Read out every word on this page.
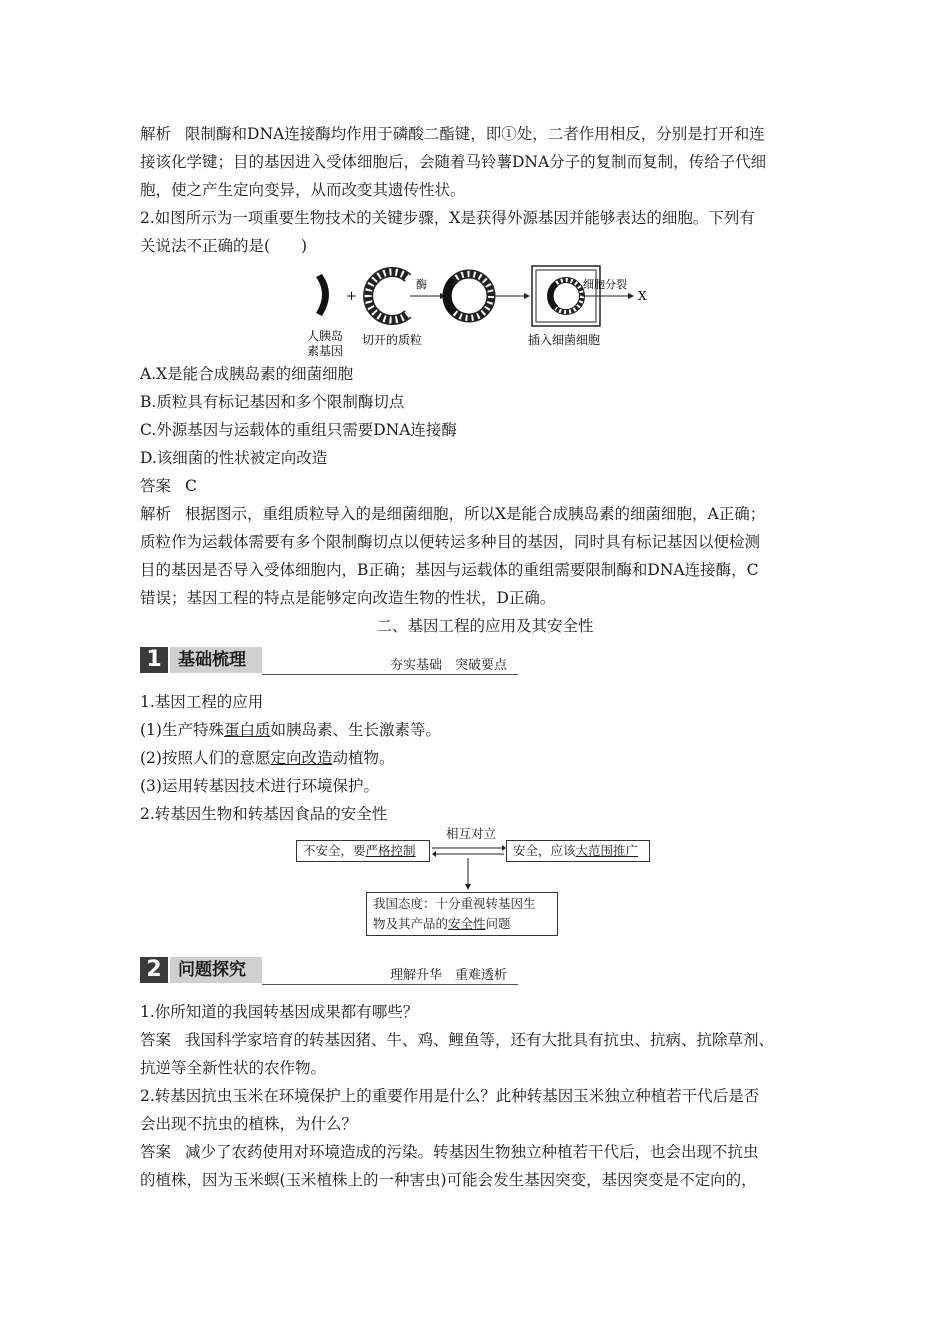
解析 限制酶和DNA连接酶均作用于磷酸二酯键，即①处，二者作用相反，分别是打开和连
接该化学键；目的基因进入受体细胞后，会随着马铃薯DNA分子的复制而复制，传给子代细
胞，使之产生定向变异，从而改变其遗传性状。
2.如图所示为一项重要生物技术的关键步骤，X是获得外源基因并能够表达的细胞。下列有
关说法不正确的是(　　)
人胰岛
素基因
+
切开的质粒
酶
插入细菌细胞
细胞分裂
X
A.X是能合成胰岛素的细菌细胞
B.质粒具有标记基因和多个限制酶切点
C.外源基因与运载体的重组只需要DNA连接酶
D.该细菌的性状被定向改造
答案 C
解析 根据图示，重组质粒导入的是细菌细胞，所以X是能合成胰岛素的细菌细胞，A正确；
质粒作为运载体需要有多个限制酶切点以便转运多种目的基因，同时具有标记基因以便检测
目的基因是否导入受体细胞内，B正确；基因与运载体的重组需要限制酶和DNA连接酶，C
错误；基因工程的特点是能够定向改造生物的性状，D正确。
二、基因工程的应用及其安全性
1 基础梳理	夯实基础　突破要点
1.基因工程的应用
(1)生产特殊蛋白质如胰岛素、生长激素等。
(2)按照人们的意愿定向改造动植物。
(3)运用转基因技术进行环境保护。
2.转基因生物和转基因食品的安全性
不安全，要严格控制	安全，应该大范围推广
相互对立
我国态度：十分重视转基因生
物及其产品的安全性问题
2 问题探究	理解升华　重难透析
1.你所知道的我国转基因成果都有哪些？
答案 我国科学家培育的转基因猪、牛、鸡、鲤鱼等，还有大批具有抗虫、抗病、抗除草剂、
抗逆等全新性状的农作物。
2.转基因抗虫玉米在环境保护上的重要作用是什么？此种转基因玉米独立种植若干代后是否
会出现不抗虫的植株，为什么？
答案 减少了农药使用对环境造成的污染。转基因生物独立种植若干代后，也会出现不抗虫
的植株，因为玉米螟(玉米植株上的一种害虫)可能会发生基因突变，基因突变是不定向的，
